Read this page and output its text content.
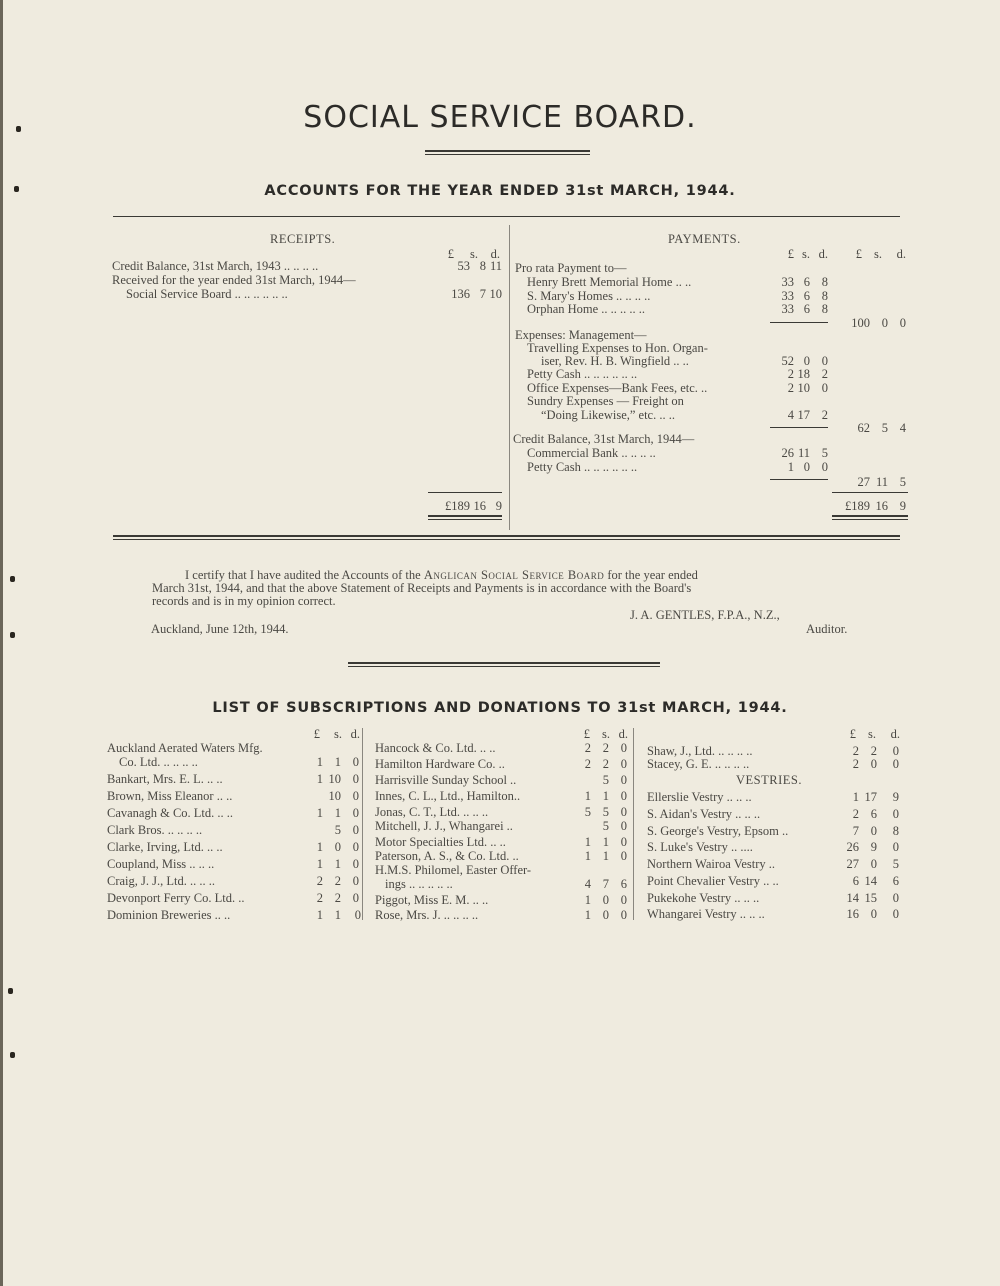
SOCIAL SERVICE BOARD.
ACCOUNTS FOR THE YEAR ENDED 31st MARCH, 1944.
RECEIPTS.
£	s.	d.
Credit Balance, 31st March, 1943 .. .. .. ..	53 8 11
Received for the year ended 31st March, 1944—
Social Service Board .. .. .. .. .. ..	136 7 10
£189 16 9
PAYMENTS.
£ s. d.	£ s.	d.
Pro rata Payment to—
Henry Brett Memorial Home .. ..	33 6 8
S. Mary's Homes .. .. .. ..	33 6 8
Orphan Home .. .. .. .. ..	33 6 8
100 0 0
Expenses: Management—
Travelling Expenses to Hon. Organ-
iser, Rev. H. B. Wingfield .. ..	52 0 0
Petty Cash .. .. .. .. .. ..	2 18 2
Office Expenses—Bank Fees, etc. ..	2 10 0
Sundry Expenses — Freight on
“Doing Likewise,” etc. .. ..	4 17 2
62 5 4
Credit Balance, 31st March, 1944—
Commercial Bank .. .. .. ..	26 11 5
Petty Cash .. .. .. .. .. ..	1 0 0
27 11 5
£189 16 9
I certify that I have audited the Accounts of the Anglican Social Service Board for the year ended
March 31st, 1944, and that the above Statement of Receipts and Payments is in accordance with the Board's
records and is in my opinion correct.
J. A. GENTLES, F.P.A., N.Z.,
Auckland, June 12th, 1944.	Auditor.
LIST OF SUBSCRIPTIONS AND DONATIONS TO 31st MARCH, 1944.
£	s. d.	£ s. d.	£ s.	d.
Auckland Aerated Waters Mfg.
Co. Ltd. .. .. .. ..	1 1 0
Bankart, Mrs. E. L. .. ..	1 10 0
Brown, Miss Eleanor .. ..	10 0
Cavanagh & Co. Ltd. .. ..	1 1 0
Clark Bros. .. .. .. ..	5 0
Clarke, Irving, Ltd. .. ..	1 0 0
Coupland, Miss .. .. ..	1 1 0
Craig, J. J., Ltd. .. .. ..	2 2 0
Devonport Ferry Co. Ltd. ..	2 2 0
Dominion Breweries .. ..	1 1	0
Hancock & Co. Ltd. .. ..	2 2 0
Hamilton Hardware Co. ..	2 2 0
Harrisville Sunday School ..	5 0
Innes, C. L., Ltd., Hamilton..	1 1 0
Jonas, C. T., Ltd. .. .. ..	5 5 0
Mitchell, J. J., Whangarei ..	5 0
Motor Specialties Ltd. .. ..	1 1 0
Paterson, A. S., & Co. Ltd. ..	1 1 0
H.M.S. Philomel, Easter Offer-
ings .. .. .. .. ..	4 7 6
Piggot, Miss E. M. .. ..	1 0 0
Rose, Mrs. J. .. .. .. ..	1 0 0
Shaw, J., Ltd. .. .. .. ..	2 2	0
Stacey, G. E. .. .. .. ..	2 0	0
VESTRIES.
Ellerslie Vestry .. .. ..	1 17	9
S. Aidan's Vestry .. .. ..	2 6	0
S. George's Vestry, Epsom ..	7 0	8
S. Luke's Vestry .. ....	26 9	0
Northern Wairoa Vestry ..	27 0	5
Point Chevalier Vestry .. ..	6 14	6
Pukekohe Vestry .. .. ..	14 15	0
Whangarei Vestry .. .. ..	16 0	0
